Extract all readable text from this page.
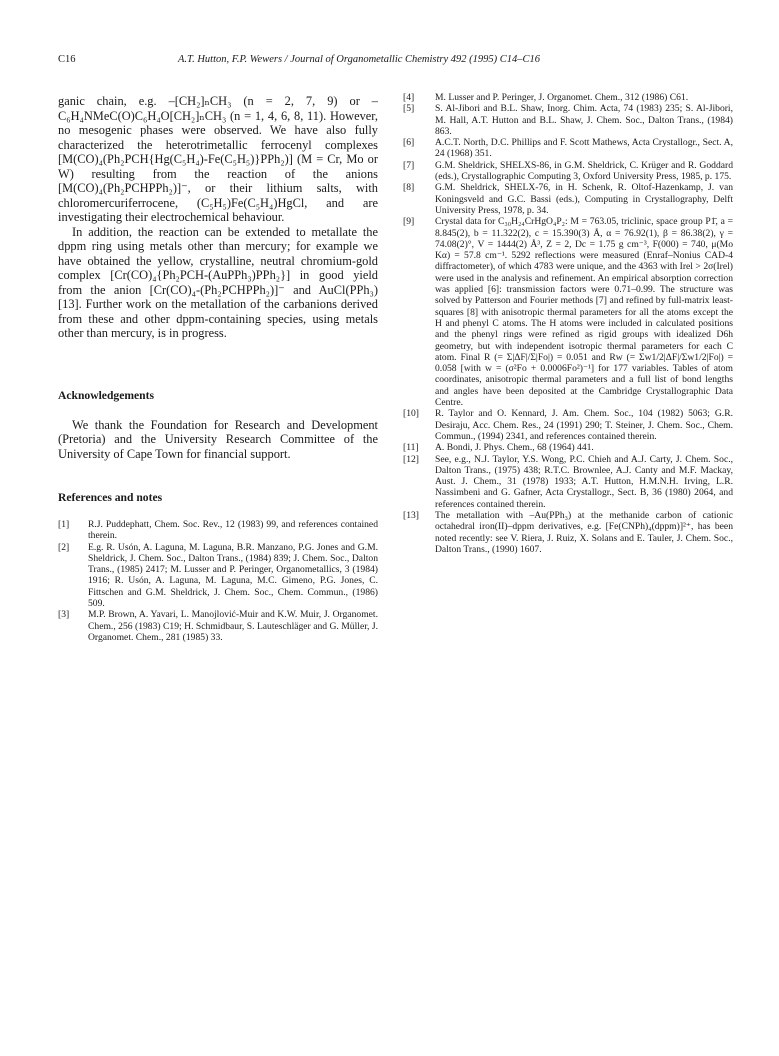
C16	A.T. Hutton, F.P. Wewers / Journal of Organometallic Chemistry 492 (1995) C14–C16

ganic chain, e.g. –[CH₂]ₙCH₃ (n = 2, 7, 9) or –C₆H₄NMeC(O)C₆H₄O[CH₂]ₙCH₃ (n = 1, 4, 6, 8, 11). However, no mesogenic phases were observed. We have also fully characterized the heterotrimetallic ferrocenyl complexes [M(CO)₄(Ph₂PCH{Hg(C₅H₄)-Fe(C₅H₅)}PPh₂)] (M = Cr, Mo or W) resulting from the reaction of the anions [M(CO)₄(Ph₂PCHPPh₂)]⁻, or their lithium salts, with chloromercuriferrocene, (C₅H₅)Fe(C₅H₄)HgCl, and are investigating their electrochemical behaviour.

In addition, the reaction can be extended to metallate the dppm ring using metals other than mercury; for example we have obtained the yellow, crystalline, neutral chromium-gold complex [Cr(CO)₄{Ph₂PCH-(AuPPh₃)PPh₂}] in good yield from the anion [Cr(CO)₄-(Ph₂PCHPPh₂)]⁻ and AuCl(PPh₃) [13]. Further work on the metallation of the carbanions derived from these and other dppm-containing species, using metals other than mercury, is in progress.

Acknowledgements

We thank the Foundation for Research and Development (Pretoria) and the University Research Committee of the University of Cape Town for financial support.

References and notes
[1]	R.J. Puddephatt, Chem. Soc. Rev., 12 (1983) 99, and references contained therein.
[2]	E.g. R. Usón, A. Laguna, M. Laguna, B.R. Manzano, P.G. Jones and G.M. Sheldrick, J. Chem. Soc., Dalton Trans., (1984) 839; J. Chem. Soc., Dalton Trans., (1985) 2417; M. Lusser and P. Peringer, Organometallics, 3 (1984) 1916; R. Usón, A. Laguna, M. Laguna, M.C. Gimeno, P.G. Jones, C. Fittschen and G.M. Sheldrick, J. Chem. Soc., Chem. Commun., (1986) 509.
[3]	M.P. Brown, A. Yavari, L. Manojlović-Muir and K.W. Muir, J. Organomet. Chem., 256 (1983) C19; H. Schmidbaur, S. Lauteschläger and G. Müller, J. Organomet. Chem., 281 (1985) 33.
[4]	M. Lusser and P. Peringer, J. Organomet. Chem., 312 (1986) C61.
[5]	S. Al-Jibori and B.L. Shaw, Inorg. Chim. Acta, 74 (1983) 235; S. Al-Jibori, M. Hall, A.T. Hutton and B.L. Shaw, J. Chem. Soc., Dalton Trans., (1984) 863.
[6]	A.C.T. North, D.C. Phillips and F. Scott Mathews, Acta Crystallogr., Sect. A, 24 (1968) 351.
[7]	G.M. Sheldrick, SHELXS-86, in G.M. Sheldrick, C. Krüger and R. Goddard (eds.), Crystallographic Computing 3, Oxford University Press, 1985, p. 175.
[8]	G.M. Sheldrick, SHELX-76, in H. Schenk, R. Oltof-Hazenkamp, J. van Koningsveld and G.C. Bassi (eds.), Computing in Crystallography, Delft University Press, 1978, p. 34.
[9]	Crystal data for C₃₀H₂₄CrHgO₄P₂: M = 763.05, triclinic, space group P1̄, a = 8.845(2), b = 11.322(2), c = 15.390(3) Å, α = 76.92(1), β = 86.38(2), γ = 74.08(2)°, V = 1444(2) Å³, Z = 2, Dc = 1.75 g cm⁻³, F(000) = 740, μ(Mo Kα) = 57.8 cm⁻¹. 5292 reflections were measured (Enraf–Nonius CAD-4 diffractometer), of which 4783 were unique, and the 4363 with Irel > 2σ(Irel) were used in the analysis and refinement. An empirical absorption correction was applied [6]: transmission factors were 0.71–0.99. The structure was solved by Patterson and Fourier methods [7] and refined by full-matrix least-squares [8] with anisotropic thermal parameters for all the atoms except the H and phenyl C atoms. The H atoms were included in calculated positions and the phenyl rings were refined as rigid groups with idealized D6h geometry, but with independent isotropic thermal parameters for each C atom. Final R (= Σ|ΔF|/Σ|Fo|) = 0.051 and Rw (= Σw1/2|ΔF|/Σw1/2|Fo|) = 0.058 [with w = (σ²Fo + 0.0006Fo²)⁻¹] for 177 variables. Tables of atom coordinates, anisotropic thermal parameters and a full list of bond lengths and angles have been deposited at the Cambridge Crystallographic Data Centre.
[10]	R. Taylor and O. Kennard, J. Am. Chem. Soc., 104 (1982) 5063; G.R. Desiraju, Acc. Chem. Res., 24 (1991) 290; T. Steiner, J. Chem. Soc., Chem. Commun., (1994) 2341, and references contained therein.
[11]	A. Bondi, J. Phys. Chem., 68 (1964) 441.
[12]	See, e.g., N.J. Taylor, Y.S. Wong, P.C. Chieh and A.J. Carty, J. Chem. Soc., Dalton Trans., (1975) 438; R.T.C. Brownlee, A.J. Canty and M.F. Mackay, Aust. J. Chem., 31 (1978) 1933; A.T. Hutton, H.M.N.H. Irving, L.R. Nassimbeni and G. Gafner, Acta Crystallogr., Sect. B, 36 (1980) 2064, and references contained therein.
[13]	The metallation with –Au(PPh₃) at the methanide carbon of cationic octahedral iron(II)–dppm derivatives, e.g. [Fe(CNPh)₄(dppm)]²⁺, has been noted recently: see V. Riera, J. Ruiz, X. Solans and E. Tauler, J. Chem. Soc., Dalton Trans., (1990) 1607.
